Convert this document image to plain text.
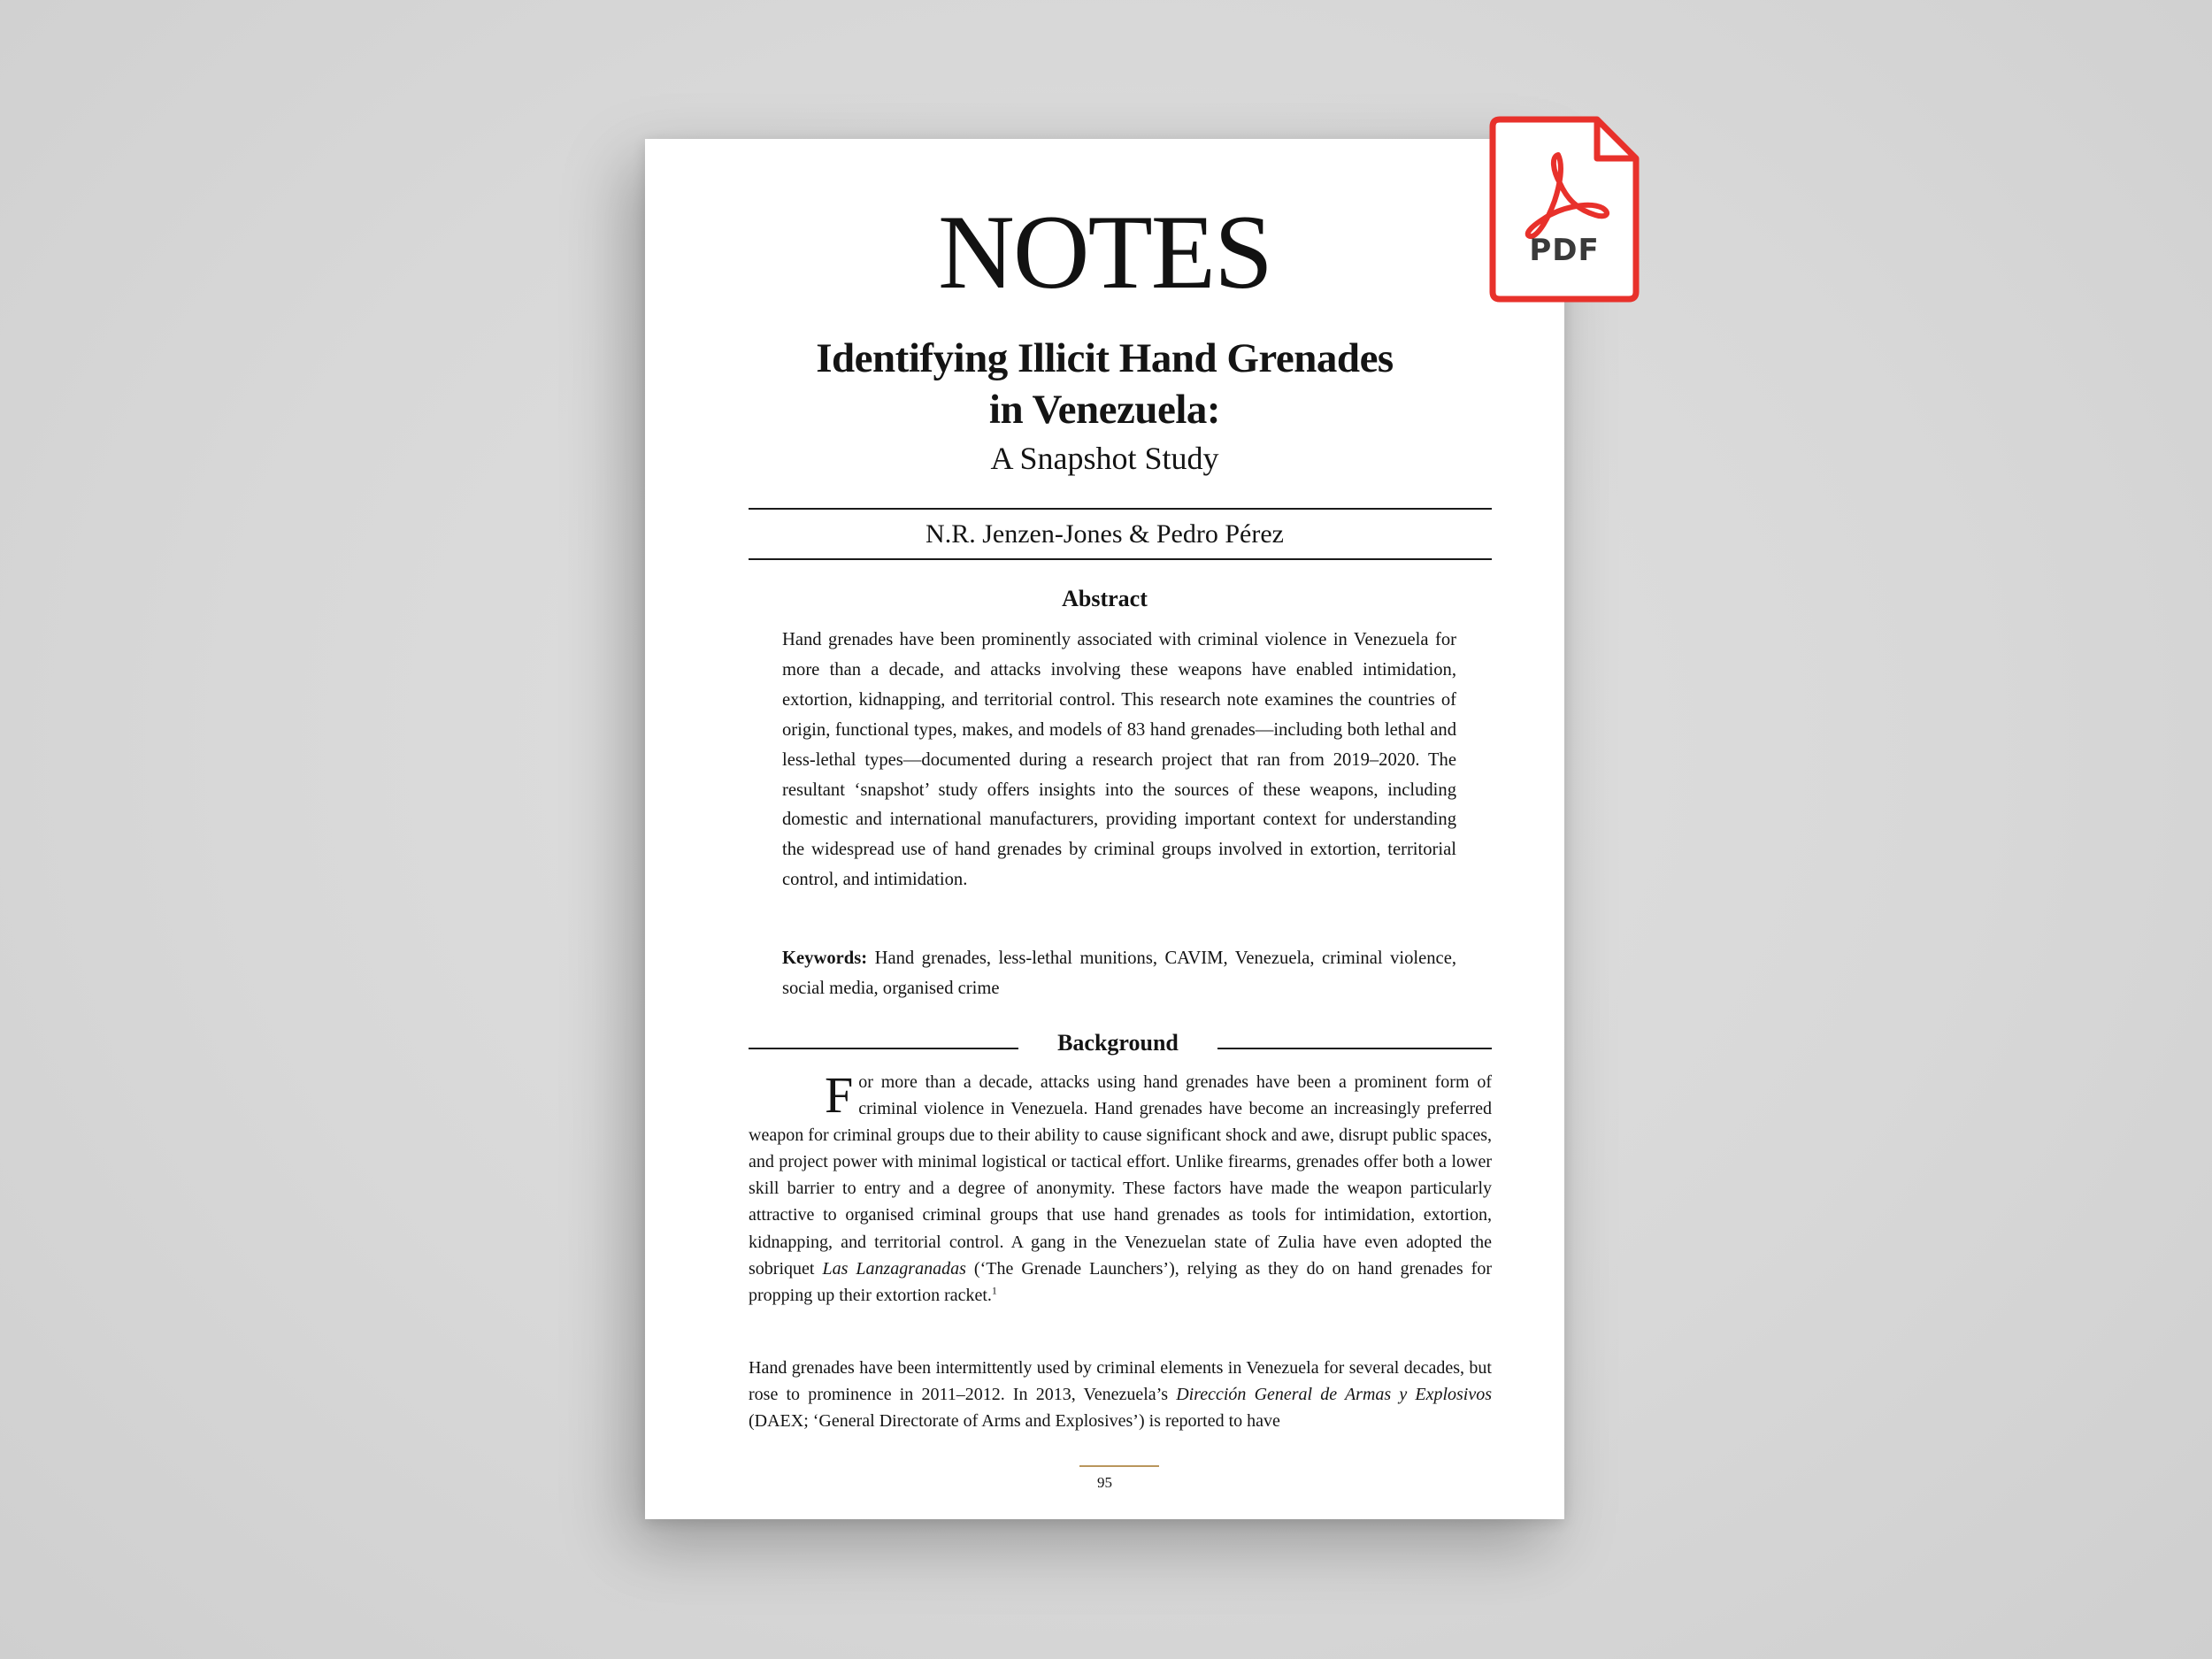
NOTES
Identifying Illicit Hand Grenades
in Venezuela:
A Snapshot Study
N.R. Jenzen-Jones & Pedro Pérez
Abstract

Hand grenades have been prominently associated with criminal violence in Venezuela for more than a decade, and attacks involving these weapons have enabled intimidation, extortion, kidnapping, and territorial control. This research note examines the countries of origin, functional types, makes, and models of 83 hand grenades—including both lethal and less-lethal types—documented during a research project that ran from 2019–2020. The resultant ‘snapshot’ study offers insights into the sources of these weapons, including domestic and international manufacturers, providing important context for understanding the widespread use of hand grenades by criminal groups involved in extortion, territorial control, and intimidation.

Keywords: Hand grenades, less-lethal munitions, CAVIM, Venezuela, criminal violence, social media, organised crime

Background

For more than a decade, attacks using hand grenades have been a prominent form of criminal violence in Venezuela. Hand grenades have become an increasingly preferred weapon for criminal groups due to their ability to cause significant shock and awe, disrupt public spaces, and project power with minimal logistical or tactical effort. Unlike firearms, grenades offer both a lower skill barrier to entry and a degree of anonymity. These factors have made the weapon particularly attractive to organised criminal groups that use hand grenades as tools for intimidation, extortion, kidnapping, and territorial control. A gang in the Venezuelan state of Zulia have even adopted the sobriquet Las Lanzagranadas (‘The Grenade Launchers’), relying as they do on hand grenades for propping up their extortion racket.$^1$

Hand grenades have been intermittently used by criminal elements in Venezuela for several decades, but rose to prominence in 2011–2012. In 2013, Venezuela’s Dirección General de Armas y Explosivos (DAEX; ‘General Directorate of Arms and Explosives’) is reported to have

95
PDF
